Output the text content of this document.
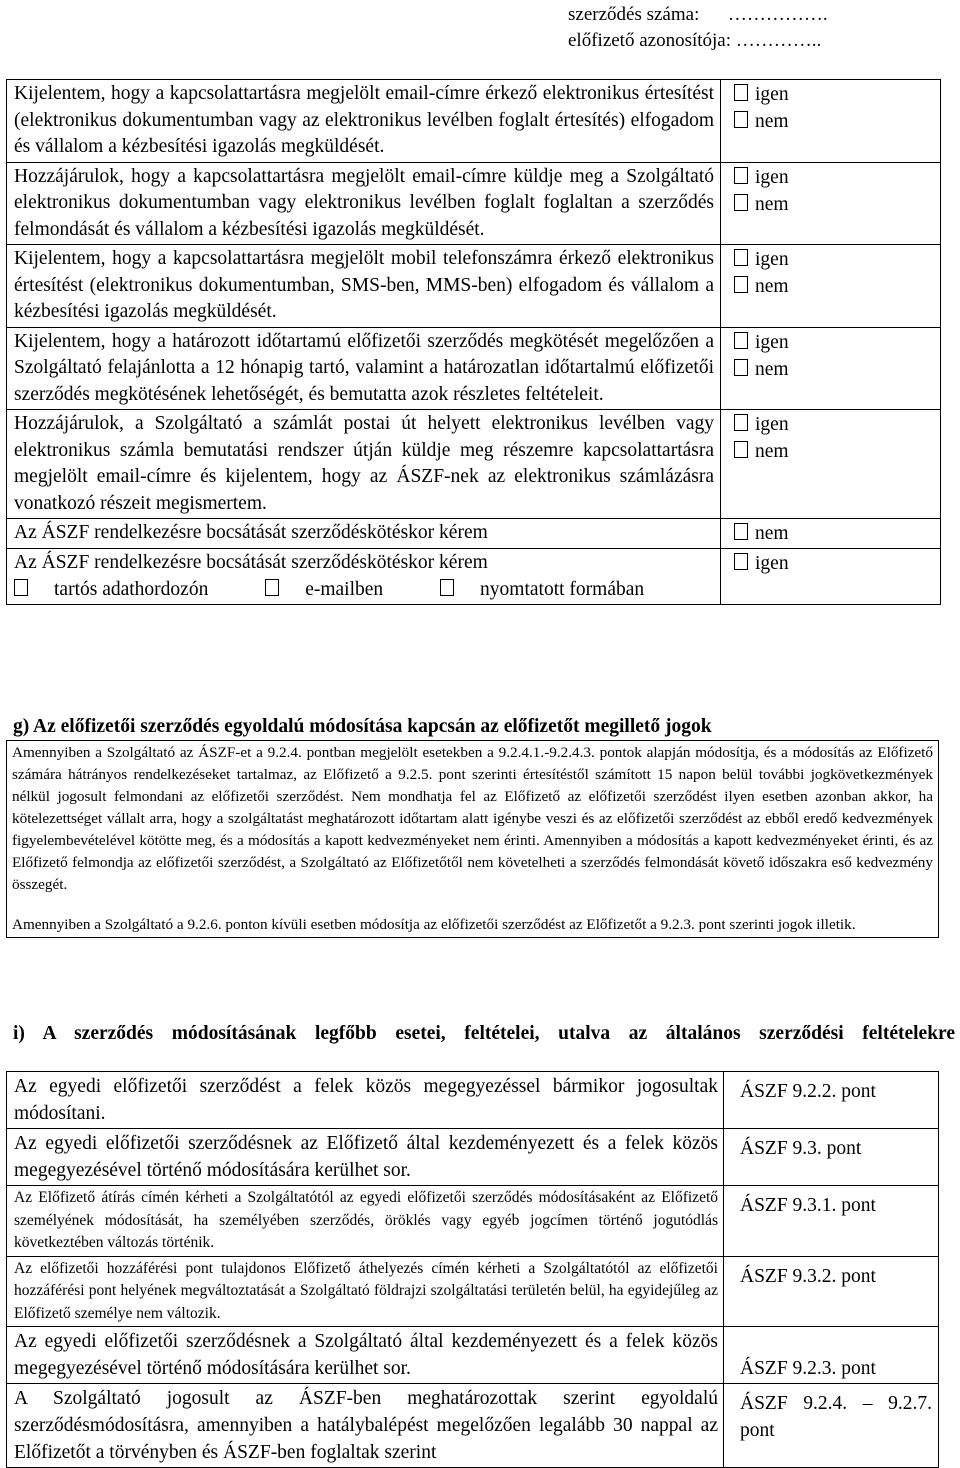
szerződés száma: …………….
előfizető azonosítója: …………..
Kijelentem, hogy a kapcsolattartásra megjelölt email-címre érkező elektronikus értesítést (elektronikus dokumentumban vagy az elektronikus levélben foglalt értesítés) elfogadom és vállalom a kézbesítési igazolás megküldését.	igen
nem

Hozzájárulok, hogy a kapcsolattartásra megjelölt email-címre küldje meg a Szolgáltató elektronikus dokumentumban vagy elektronikus levélben foglalt foglaltan a szerződés felmondását és vállalom a kézbesítési igazolás megküldését.	igen
nem

Kijelentem, hogy a kapcsolattartásra megjelölt mobil telefonszámra érkező elektronikus értesítést (elektronikus dokumentumban, SMS-ben, MMS-ben) elfogadom és vállalom a kézbesítési igazolás megküldését.	igen
nem

Kijelentem, hogy a határozott időtartamú előfizetői szerződés megkötését megelőzően a Szolgáltató felajánlotta a 12 hónapig tartó, valamint a határozatlan időtartalmú előfizetői szerződés megkötésének lehetőségét, és bemutatta azok részletes feltételeit.	igen
nem

Hozzájárulok, a Szolgáltató a számlát postai út helyett elektronikus levélben vagy elektronikus számla bemutatási rendszer útján küldje meg részemre kapcsolattartásra megjelölt email-címre és kijelentem, hogy az ÁSZF-nek az elektronikus számlázásra vonatkozó részeit megismertem.	igen
nem

Az ÁSZF rendelkezésre bocsátását szerződéskötéskor kérem	nem

Az ÁSZF rendelkezésre bocsátását szerződéskötéskor kérem
tartós adathordozón e-mailben nyomtatott formában	igen
g) Az előfizetői szerződés egyoldalú módosítása kapcsán az előfizetőt megillető jogok
Amennyiben a Szolgáltató az ÁSZF-et a 9.2.4. pontban megjelölt esetekben a 9.2.4.1.-9.2.4.3. pontok alapján módosítja, és a módosítás az Előfizető számára hátrányos rendelkezéseket tartalmaz, az Előfizető a 9.2.5. pont szerinti értesítéstől számított 15 napon belül további jogkövetkezmények nélkül jogosult felmondani az előfizetői szerződést. Nem mondhatja fel az Előfizető az előfizetői szerződést ilyen esetben azonban akkor, ha kötelezettséget vállalt arra, hogy a szolgáltatást meghatározott időtartam alatt igénybe veszi és az előfizetői szerződést az ebből eredő kedvezmények figyelembevételével kötötte meg, és a módosítás a kapott kedvezményeket nem érinti. Amennyiben a módosítás a kapott kedvezményeket érinti, és az Előfizető felmondja az előfizetői szerződést, a Szolgáltató az Előfizetőtől nem követelheti a szerződés felmondását követő időszakra eső kedvezmény összegét.
Amennyiben a Szolgáltató a 9.2.6. ponton kívüli esetben módosítja az előfizetői szerződést az Előfizetőt a 9.2.3. pont szerinti jogok illetik.
i) A szerződés módosításának legfőbb esetei, feltételei, utalva az általános szerződési feltételekre
Az egyedi előfizetői szerződést a felek közös megegyezéssel bármikor jogosultak módosítani.	ÁSZF 9.2.2. pont
Az egyedi előfizetői szerződésnek az Előfizető által kezdeményezett és a felek közös megegyezésével történő módosítására kerülhet sor.	ÁSZF 9.3. pont
Az Előfizető átírás címén kérheti a Szolgáltatótól az egyedi előfizetői szerződés módosításaként az Előfizető személyének módosítását, ha személyében szerződés, öröklés vagy egyéb jogcímen történő jogutódlás következtében változás történik.	ÁSZF 9.3.1. pont
Az előfizetői hozzáférési pont tulajdonos Előfizető áthelyezés címén kérheti a Szolgáltatótól az előfizetői hozzáférési pont helyének megváltoztatását a Szolgáltató földrajzi szolgáltatási területén belül, ha egyidejűleg az Előfizető személye nem változik.	ÁSZF 9.3.2. pont
Az egyedi előfizetői szerződésnek a Szolgáltató által kezdeményezett és a felek közös megegyezésével történő módosítására kerülhet sor.	ÁSZF 9.2.3. pont
A Szolgáltató jogosult az ÁSZF-ben meghatározottak szerint egyoldalú szerződésmódosításra, amennyiben a hatálybalépést megelőzően legalább 30 nappal az Előfizetőt a törvényben és ÁSZF-ben foglaltak szerint	ÁSZF 9.2.4. – 9.2.7. pont
